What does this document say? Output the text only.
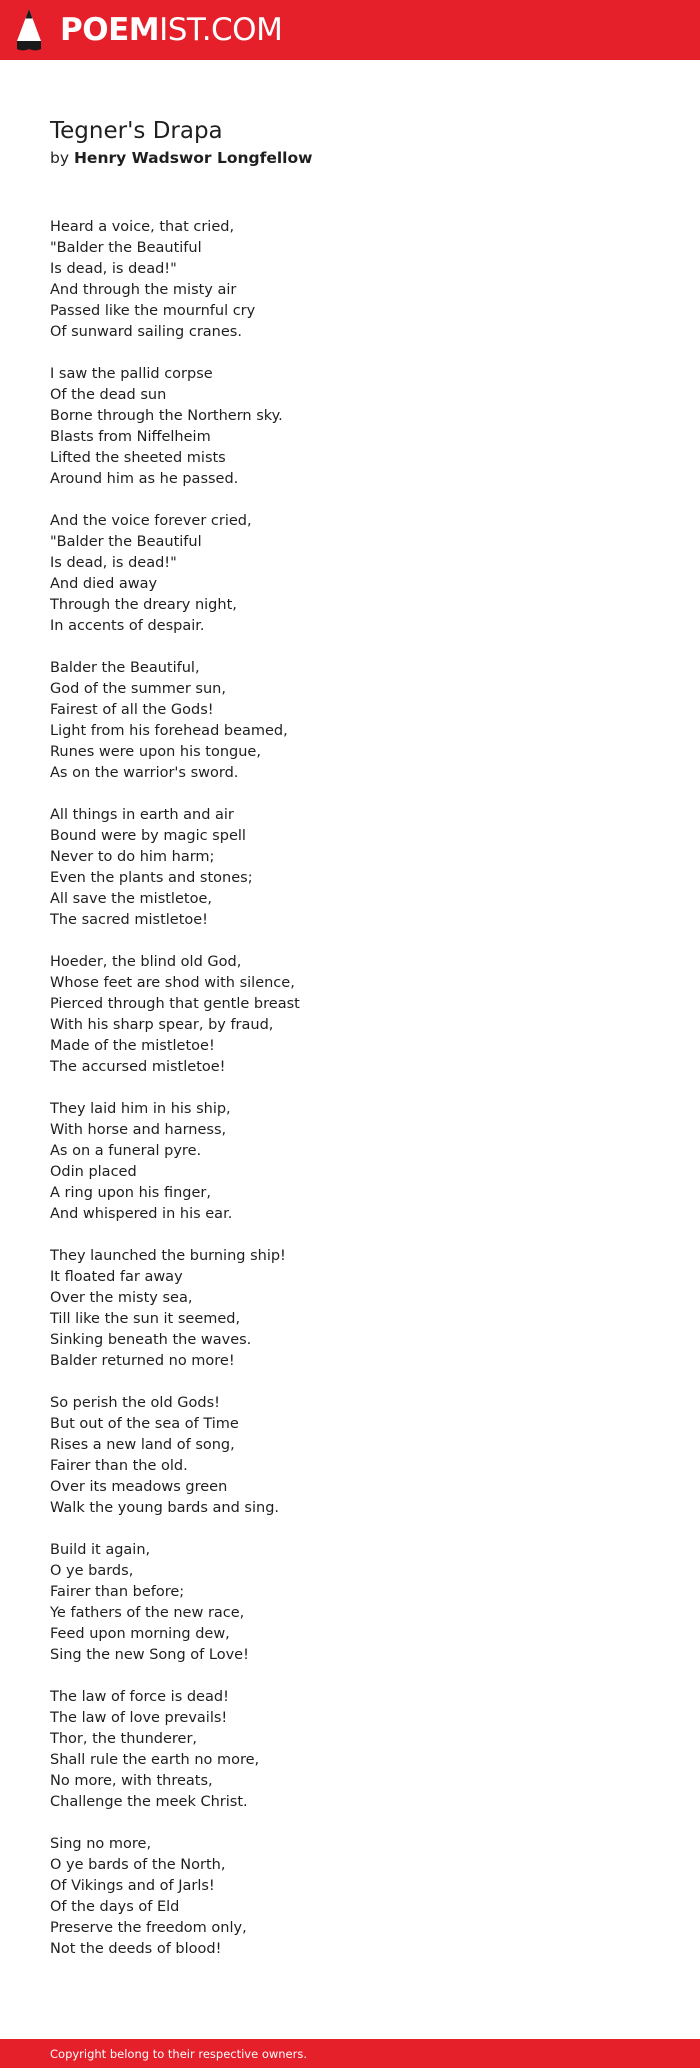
POEMIST.COM
Tegner's Drapa
by Henry Wadswor Longfellow
Heard a voice, that cried,
"Balder the Beautiful
Is dead, is dead!"
And through the misty air
Passed like the mournful cry
Of sunward sailing cranes.
I saw the pallid corpse
Of the dead sun
Borne through the Northern sky.
Blasts from Niffelheim
Lifted the sheeted mists
Around him as he passed.
And the voice forever cried,
"Balder the Beautiful
Is dead, is dead!"
And died away
Through the dreary night,
In accents of despair.
Balder the Beautiful,
God of the summer sun,
Fairest of all the Gods!
Light from his forehead beamed,
Runes were upon his tongue,
As on the warrior's sword.
All things in earth and air
Bound were by magic spell
Never to do him harm;
Even the plants and stones;
All save the mistletoe,
The sacred mistletoe!
Hoeder, the blind old God,
Whose feet are shod with silence,
Pierced through that gentle breast
With his sharp spear, by fraud,
Made of the mistletoe!
The accursed mistletoe!
They laid him in his ship,
With horse and harness,
As on a funeral pyre.
Odin placed
A ring upon his finger,
And whispered in his ear.
They launched the burning ship!
It floated far away
Over the misty sea,
Till like the sun it seemed,
Sinking beneath the waves.
Balder returned no more!
So perish the old Gods!
But out of the sea of Time
Rises a new land of song,
Fairer than the old.
Over its meadows green
Walk the young bards and sing.
Build it again,
O ye bards,
Fairer than before;
Ye fathers of the new race,
Feed upon morning dew,
Sing the new Song of Love!
The law of force is dead!
The law of love prevails!
Thor, the thunderer,
Shall rule the earth no more,
No more, with threats,
Challenge the meek Christ.
Sing no more,
O ye bards of the North,
Of Vikings and of Jarls!
Of the days of Eld
Preserve the freedom only,
Not the deeds of blood!
Copyright belong to their respective owners.
